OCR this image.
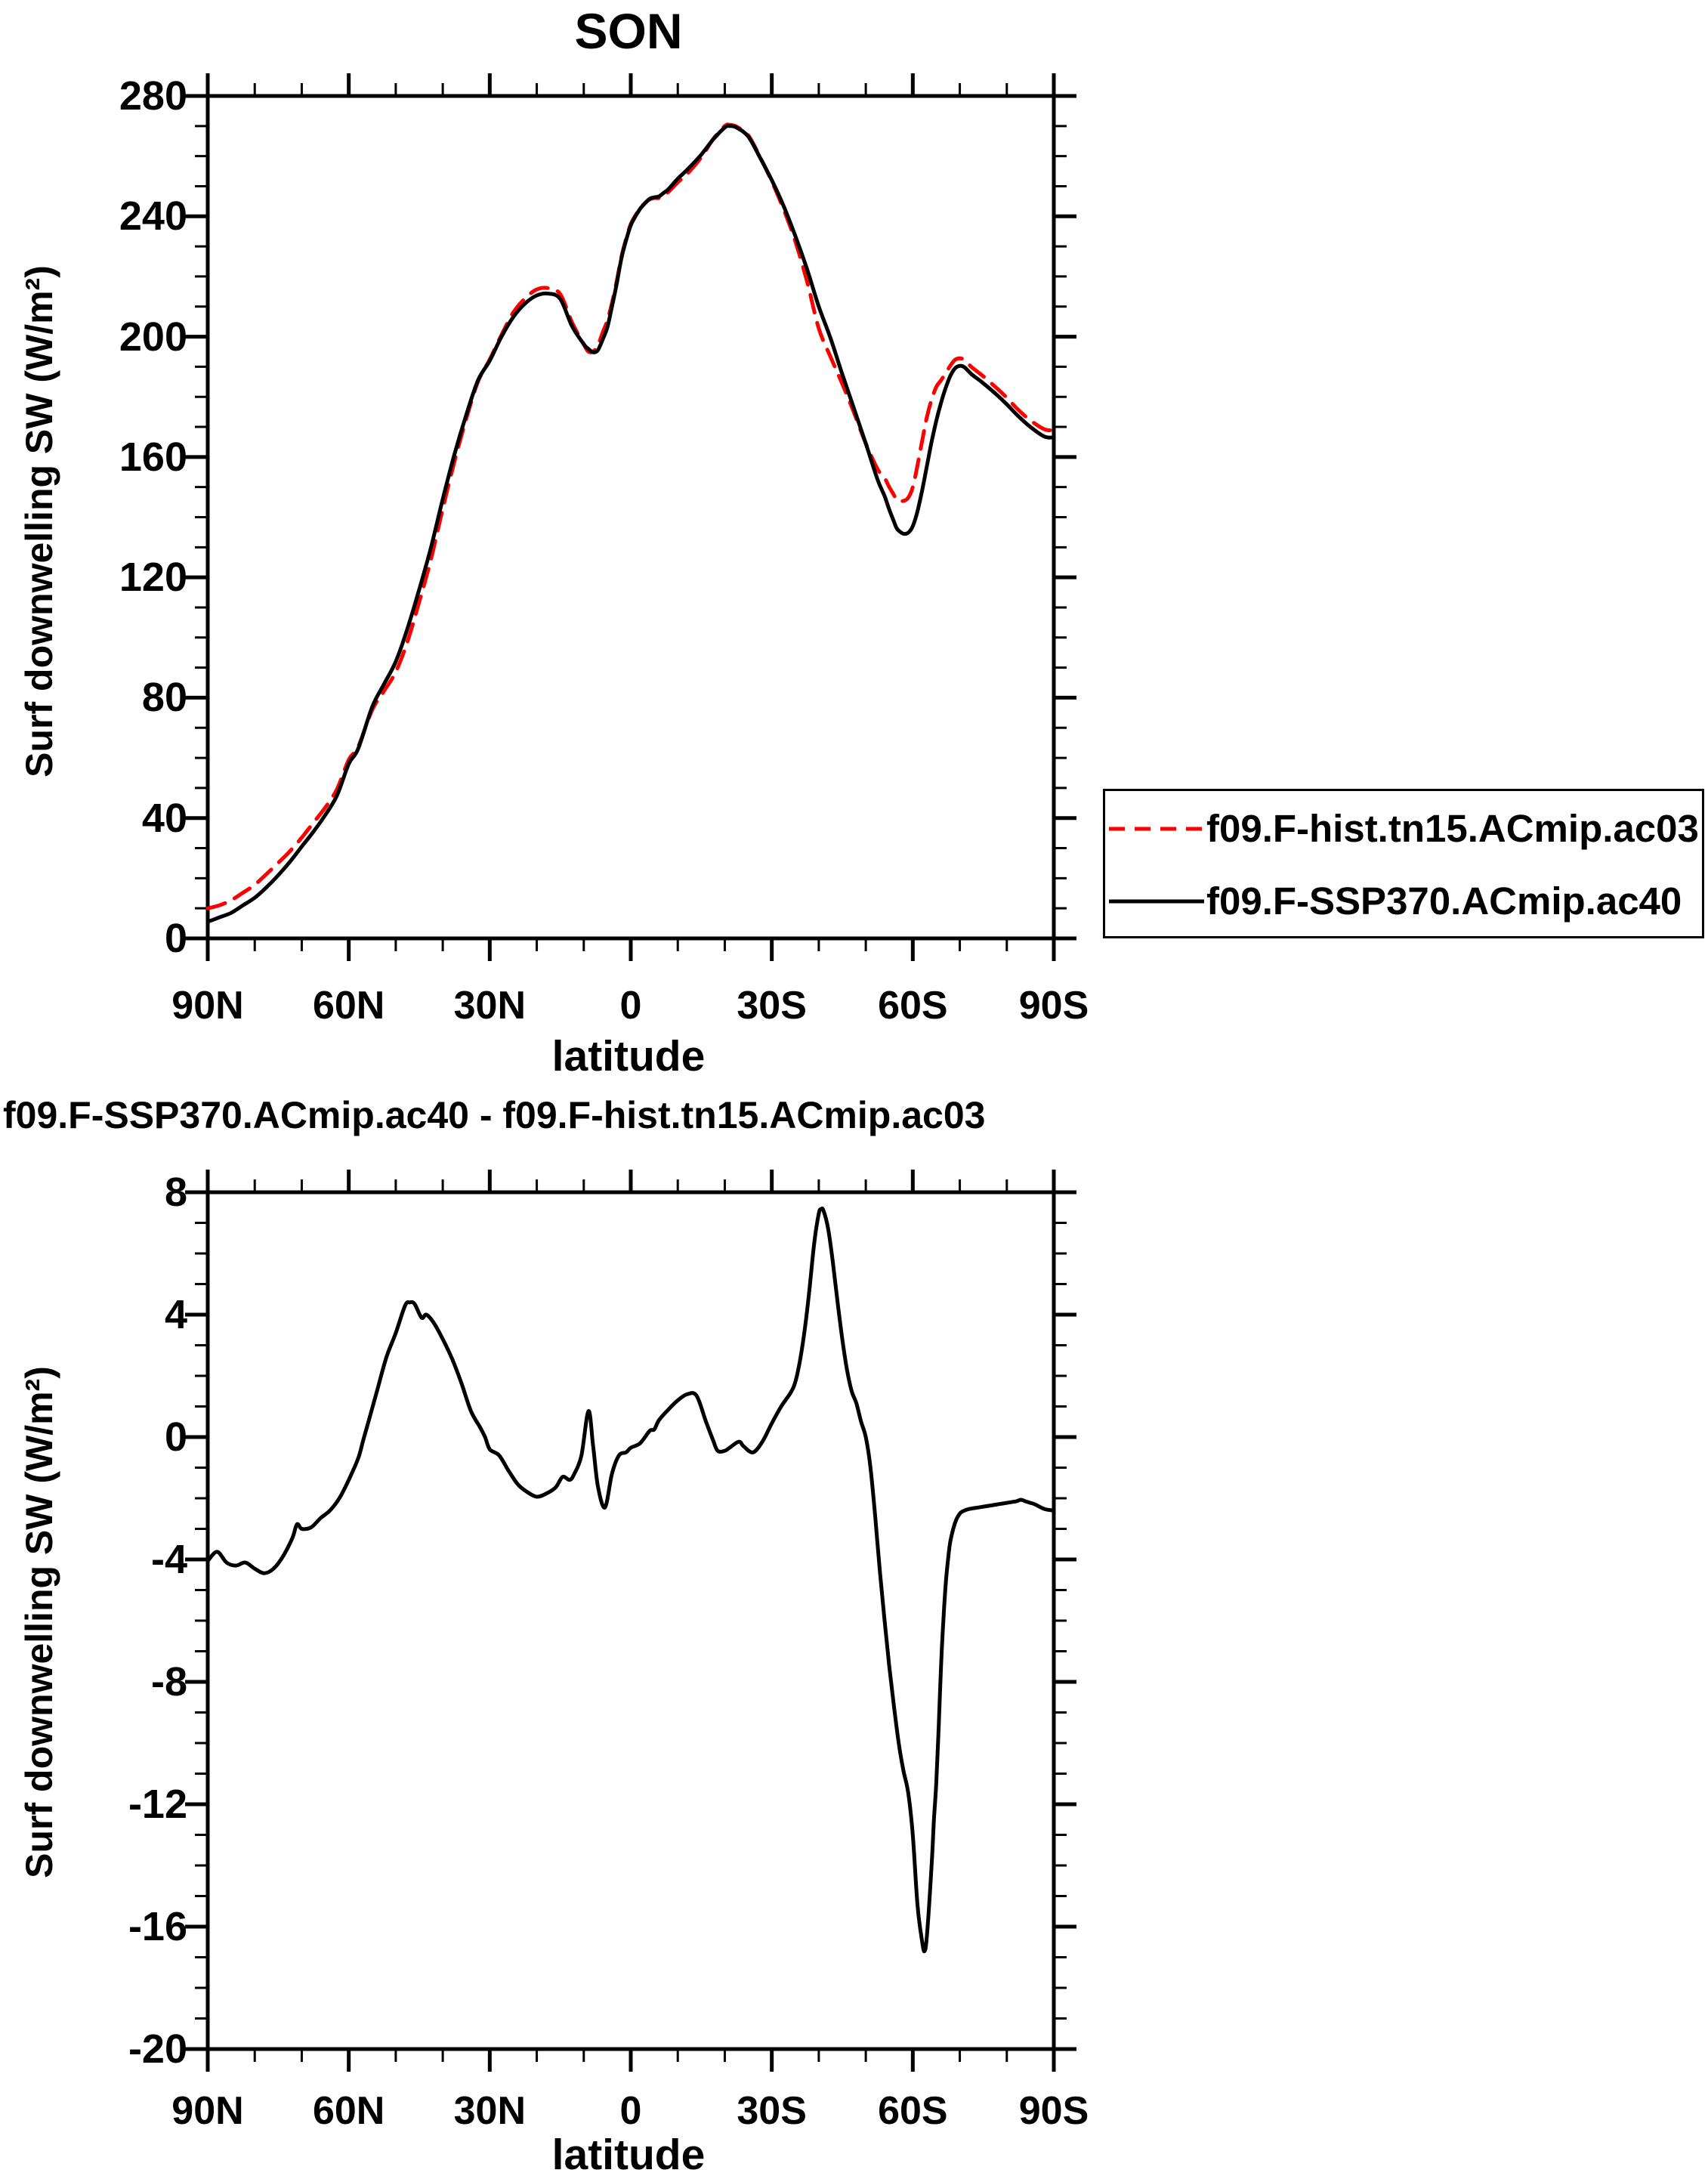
SON
f09.F-SSP370.ACmip.ac40 - f09.F-hist.tn15.ACmip.ac03
Surf downwelling SW (W/m²)
Surf downwelling SW (W/m²)
latitude
latitude
90N	60N	30N	0	30S	60S	90S
0
40
80
120
160
200
240
280
90N	60N	30N	0	30S	60S	90S
-20
-16
-12
-8
-4
0
4
8
f09.F-hist.tn15.ACmip.ac03
f09.F-SSP370.ACmip.ac40
